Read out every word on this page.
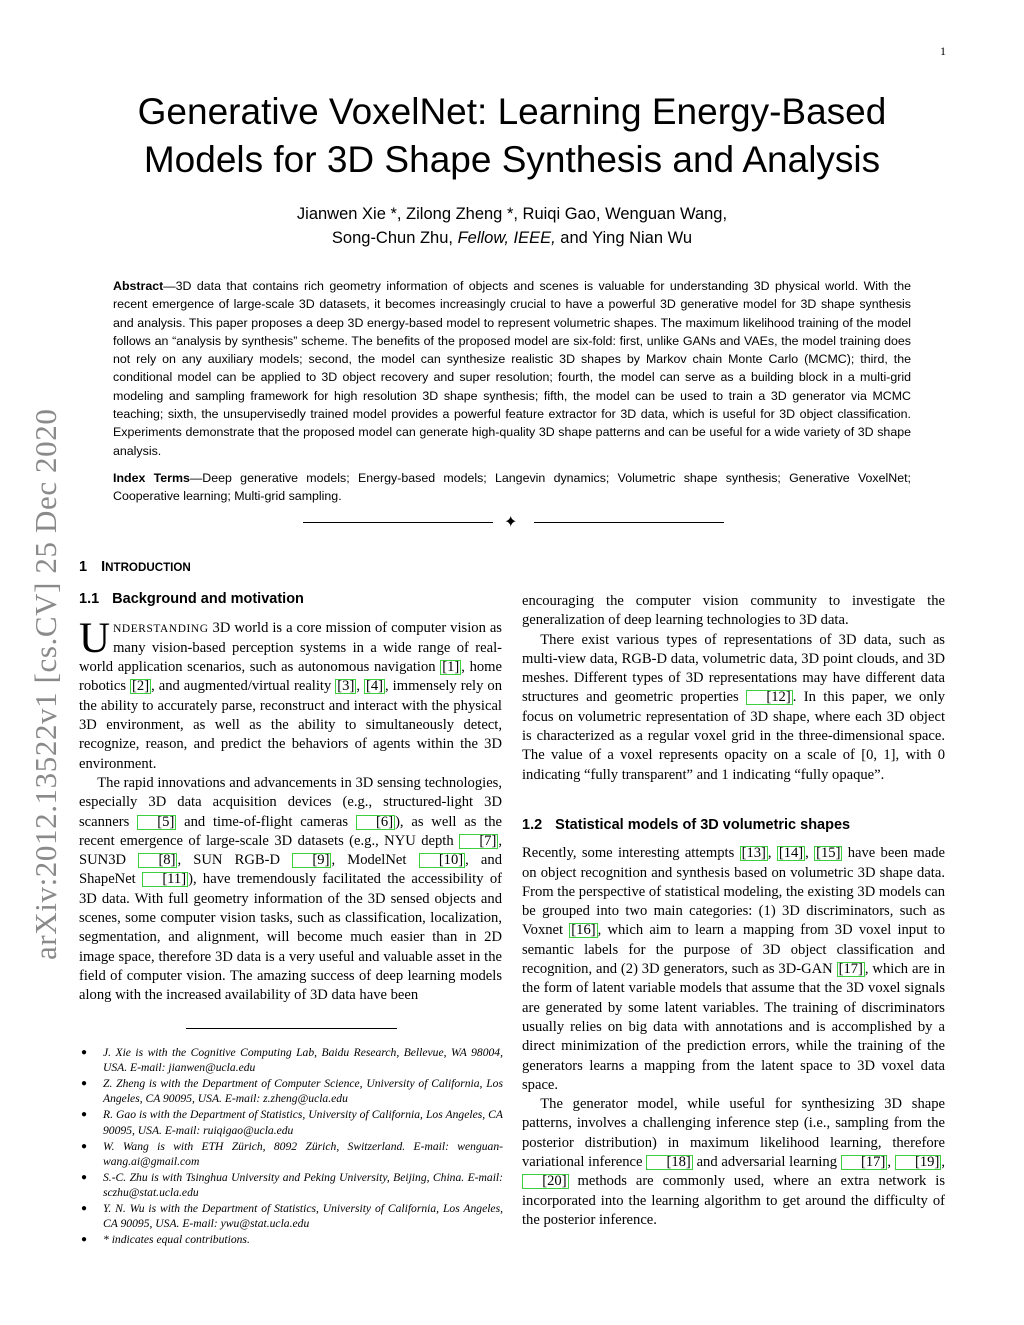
1
arXiv:2012.13522v1 [cs.CV] 25 Dec 2020
Generative VoxelNet: Learning Energy-Based
Models for 3D Shape Synthesis and Analysis
Jianwen Xie *, Zilong Zheng *, Ruiqi Gao, Wenguan Wang,
Song-Chun Zhu, Fellow, IEEE, and Ying Nian Wu

Abstract—3D data that contains rich geometry information of objects and scenes is valuable for understanding 3D physical world. With the recent emergence of large-scale 3D datasets, it becomes increasingly crucial to have a powerful 3D generative model for 3D shape synthesis and analysis. This paper proposes a deep 3D energy-based model to represent volumetric shapes. The maximum likelihood training of the model follows an “analysis by synthesis” scheme. The benefits of the proposed model are six-fold: first, unlike GANs and VAEs, the model training does not rely on any auxiliary models; second, the model can synthesize realistic 3D shapes by Markov chain Monte Carlo (MCMC); third, the conditional model can be applied to 3D object recovery and super resolution; fourth, the model can serve as a building block in a multi-grid modeling and sampling framework for high resolution 3D shape synthesis; fifth, the model can be used to train a 3D generator via MCMC teaching; sixth, the unsupervisedly trained model provides a powerful feature extractor for 3D data, which is useful for 3D object classification. Experiments demonstrate that the proposed model can generate high-quality 3D shape patterns and can be useful for a wide variety of 3D shape analysis.

Index Terms—Deep generative models; Energy-based models; Langevin dynamics; Volumetric shape synthesis; Generative VoxelNet; Cooperative learning; Multi-grid sampling.

✦
1 INTRODUCTION
1.1 Background and motivation

UNDERSTANDING 3D world is a core mission of computer vision as many vision-based perception systems in a wide range of real-world application scenarios, such as autonomous navigation [1] , home robotics [2] , and augmented/virtual reality [3] , [4] , immensely rely on the ability to accurately parse, reconstruct and interact with the physical 3D environment, as well as the ability to simultaneously detect, recognize, reason, and predict the behaviors of agents within the 3D environment.

The rapid innovations and advancements in 3D sensing technologies, especially 3D data acquisition devices (e.g., structured-light 3D scanners [5] and time-of-flight cameras [6] ), as well as the recent emergence of large-scale 3D datasets (e.g., NYU depth [7] , SUN3D [8] , SUN RGB-D [9] , ModelNet [10] , and ShapeNet [11] ), have tremendously facilitated the accessibility of 3D data. With full geometry information of the 3D sensed objects and scenes, some computer vision tasks, such as classification, localization, segmentation, and alignment, will become much easier than in 2D image space, therefore 3D data is a very useful and valuable asset in the field of computer vision. The amazing success of deep learning models along with the increased availability of 3D data have been

● J. Xie is with the Cognitive Computing Lab, Baidu Research, Bellevue, WA 98004, USA. E-mail: jianwen@ucla.edu
● Z. Zheng is with the Department of Computer Science, University of California, Los Angeles, CA 90095, USA. E-mail: z.zheng@ucla.edu
● R. Gao is with the Department of Statistics, University of California, Los Angeles, CA 90095, USA. E-mail: ruiqigao@ucla.edu
● W. Wang is with ETH Zürich, 8092 Zürich, Switzerland. E-mail: wenguan-wang.ai@gmail.com
● S.-C. Zhu is with Tsinghua University and Peking University, Beijing, China. E-mail: sczhu@stat.ucla.edu
● Y. N. Wu is with the Department of Statistics, University of California, Los Angeles, CA 90095, USA. E-mail: ywu@stat.ucla.edu
● * indicates equal contributions.

encouraging the computer vision community to investigate the generalization of deep learning technologies to 3D data.

There exist various types of representations of 3D data, such as multi-view data, RGB-D data, volumetric data, 3D point clouds, and 3D meshes. Different types of 3D representations may have different data structures and geometric properties [12] . In this paper, we only focus on volumetric representation of 3D shape, where each 3D object is characterized as a regular voxel grid in the three-dimensional space. The value of a voxel represents opacity on a scale of [0, 1], with 0 indicating “fully transparent” and 1 indicating “fully opaque”.

1.2 Statistical models of 3D volumetric shapes

Recently, some interesting attempts [13] , [14] , [15] have been made on object recognition and synthesis based on volumetric 3D shape data. From the perspective of statistical modeling, the existing 3D models can be grouped into two main categories: (1) 3D discriminators, such as Voxnet [16] , which aim to learn a mapping from 3D voxel input to semantic labels for the purpose of 3D object classification and recognition, and (2) 3D generators, such as 3D-GAN [17] , which are in the form of latent variable models that assume that the 3D voxel signals are generated by some latent variables. The training of discriminators usually relies on big data with annotations and is accomplished by a direct minimization of the prediction errors, while the training of the generators learns a mapping from the latent space to 3D voxel data space.

The generator model, while useful for synthesizing 3D shape patterns, involves a challenging inference step (i.e., sampling from the posterior distribution) in maximum likelihood learning, therefore variational inference [18] and adversarial learning [17] , [19] , [20] methods are commonly used, where an extra network is incorporated into the learning algorithm to get around the difficulty of the posterior inference.
